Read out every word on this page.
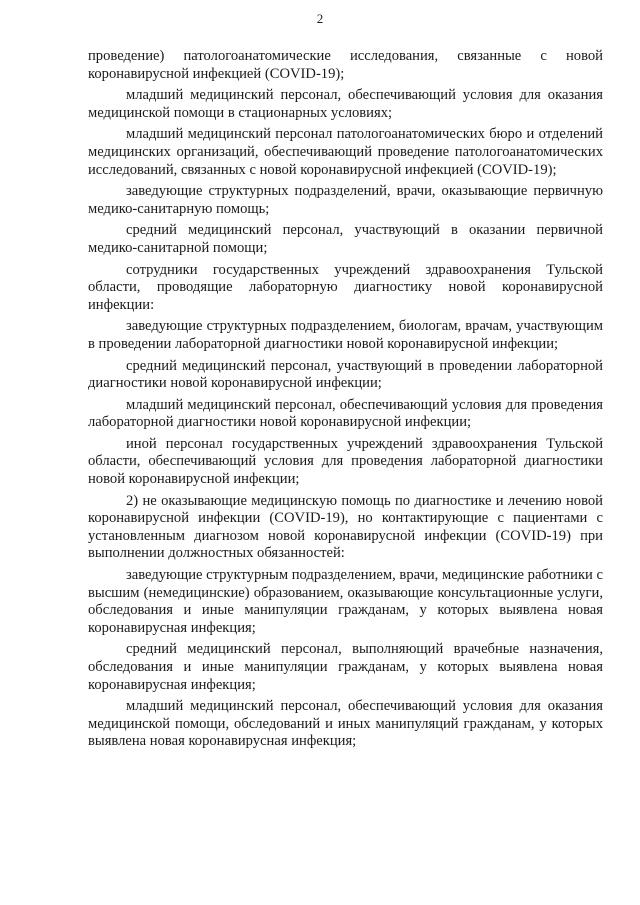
2

проведение) патологоанатомические исследования, связанные с новой коронавирусной инфекцией (COVID-19);

младший медицинский персонал, обеспечивающий условия для оказания медицинской помощи в стационарных условиях;

младший медицинский персонал патологоанатомических бюро и отделений медицинских организаций, обеспечивающий проведение патологоанатомических исследований, связанных с новой коронавирусной инфекцией (COVID-19);

заведующие структурных подразделений, врачи, оказывающие первичную медико-санитарную помощь;

средний медицинский персонал, участвующий в оказании первичной медико-санитарной помощи;

сотрудники государственных учреждений здравоохранения Тульской области, проводящие лабораторную диагностику новой коронавирусной инфекции:

заведующие структурных подразделением, биологам, врачам, участвующим в проведении лабораторной диагностики новой коронавирусной инфекции;

средний медицинский персонал, участвующий в проведении лабораторной диагностики новой коронавирусной инфекции;

младший медицинский персонал, обеспечивающий условия для проведения лабораторной диагностики новой коронавирусной инфекции;

иной персонал государственных учреждений здравоохранения Тульской области, обеспечивающий условия для проведения лабораторной диагностики новой коронавирусной инфекции;

2) не оказывающие медицинскую помощь по диагностике и лечению новой коронавирусной инфекции (COVID-19), но контактирующие с пациентами с установленным диагнозом новой коронавирусной инфекции (COVID-19) при выполнении должностных обязанностей:

заведующие структурным подразделением, врачи, медицинские работники с высшим (немедицинские) образованием, оказывающие консультационные услуги, обследования и иные манипуляции гражданам, у которых выявлена новая коронавирусная инфекция;

средний медицинский персонал, выполняющий врачебные назначения, обследования и иные манипуляции гражданам, у которых выявлена новая коронавирусная инфекция;

младший медицинский персонал, обеспечивающий условия для оказания медицинской помощи, обследований и иных манипуляций гражданам, у которых выявлена новая коронавирусная инфекция;
